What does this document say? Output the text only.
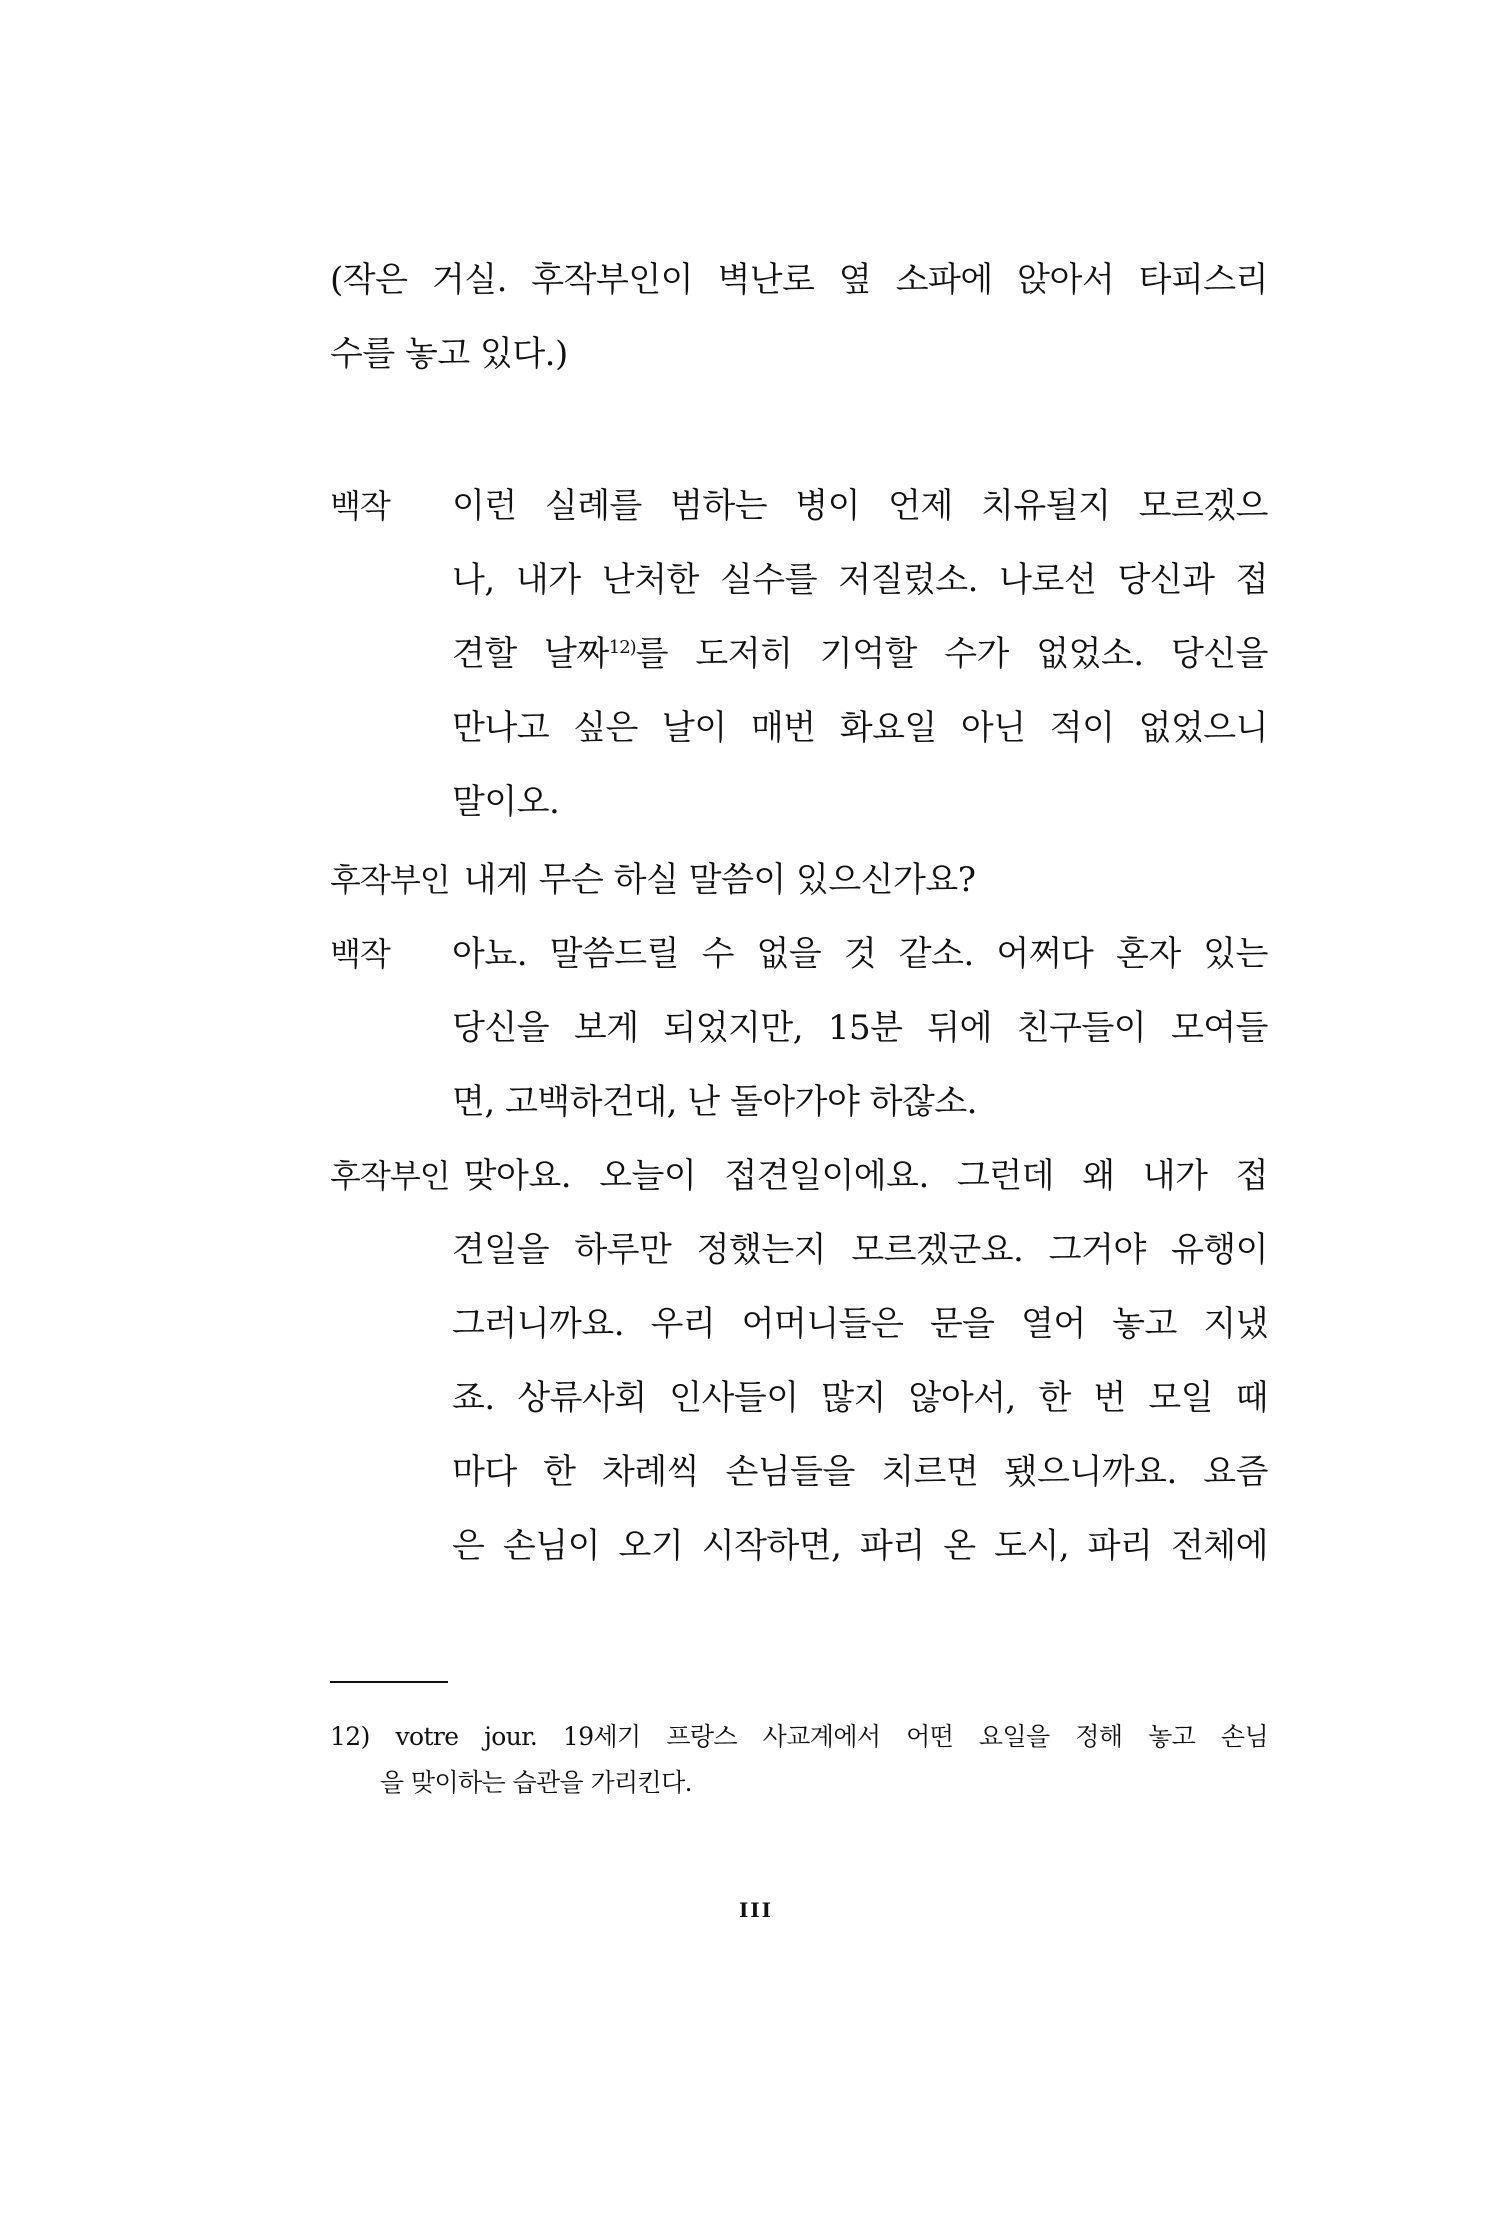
(작은 거실. 후작부인이 벽난로 옆 소파에 앉아서 타피스리
수를 놓고 있다.)
백작 이런 실례를 범하는 병이 언제 치유될지 모르겠으
나, 내가 난처한 실수를 저질렀소. 나로선 당신과 접
견할 날짜$^{12)}$를 도저히 기억할 수가 없었소. 당신을
만나고 싶은 날이 매번 화요일 아닌 적이 없었으니
말이오.
후작부인 내게 무슨 하실 말씀이 있으신가요?
백작 아뇨. 말씀드릴 수 없을 것 같소. 어쩌다 혼자 있는
당신을 보게 되었지만, 15분 뒤에 친구들이 모여들
면, 고백하건대, 난 돌아가야 하잖소.
후작부인 맞아요. 오늘이 접견일이에요. 그런데 왜 내가 접
견일을 하루만 정했는지 모르겠군요. 그거야 유행이
그러니까요. 우리 어머니들은 문을 열어 놓고 지냈
죠. 상류사회 인사들이 많지 않아서, 한 번 모일 때
마다 한 차례씩 손님들을 치르면 됐으니까요. 요즘
은 손님이 오기 시작하면, 파리 온 도시, 파리 전체에
12) votre jour. 19세기 프랑스 사교계에서 어떤 요일을 정해 놓고 손님
을 맞이하는 습관을 가리킨다.
III
